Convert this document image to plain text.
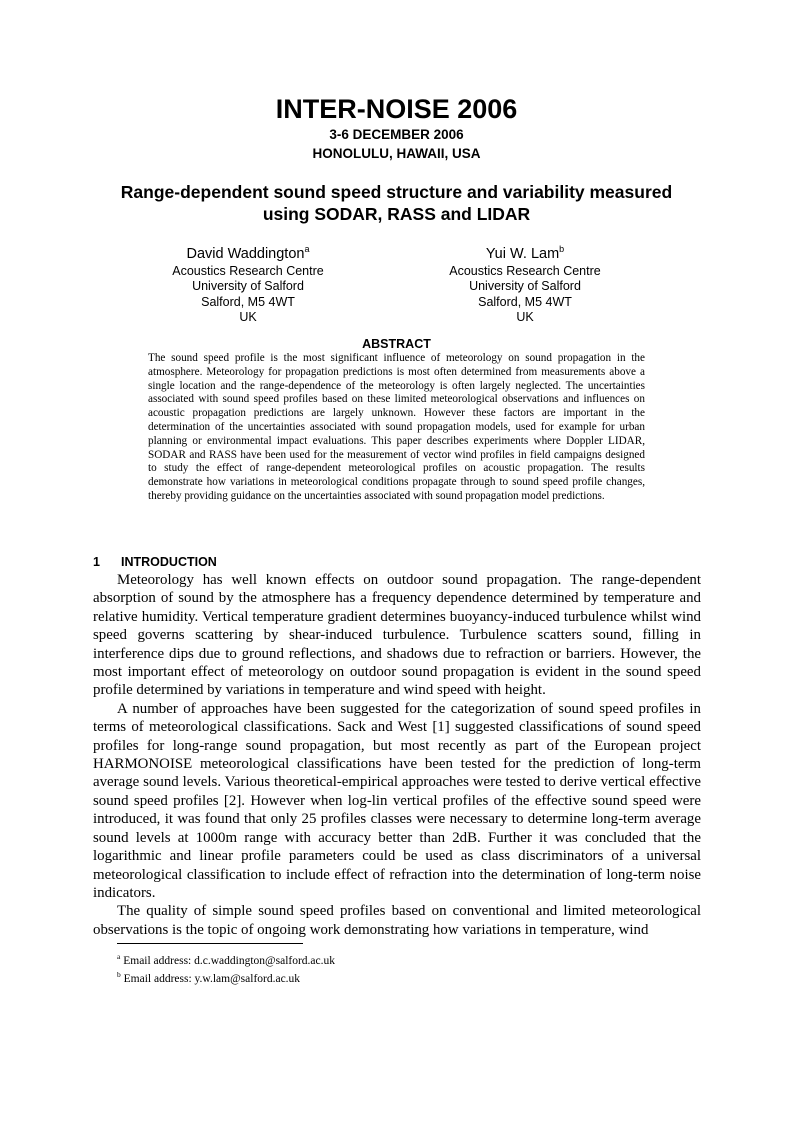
INTER-NOISE 2006
3-6 DECEMBER 2006
HONOLULU, HAWAII, USA
Range-dependent sound speed structure and variability measured
using SODAR, RASS and LIDAR
David Waddington$^a$
Acoustics Research Centre
University of Salford
Salford, M5 4WT
UK
Yui W. Lam$^b$
Acoustics Research Centre
University of Salford
Salford, M5 4WT
UK
ABSTRACT
The sound speed profile is the most significant influence of meteorology on sound propagation in the atmosphere. Meteorology for propagation predictions is most often determined from measurements above a single location and the range-dependence of the meteorology is often largely neglected. The uncertainties associated with sound speed profiles based on these limited meteorological observations and influences on acoustic propagation predictions are largely unknown. However these factors are important in the determination of the uncertainties associated with sound propagation models, used for example for urban planning or environmental impact evaluations. This paper describes experiments where Doppler LIDAR, SODAR and RASS have been used for the measurement of vector wind profiles in field campaigns designed to study the effect of range-dependent meteorological profiles on acoustic propagation. The results demonstrate how variations in meteorological conditions propagate through to sound speed profile changes, thereby providing guidance on the uncertainties associated with sound propagation model predictions.
1 INTRODUCTION

Meteorology has well known effects on outdoor sound propagation. The range-dependent absorption of sound by the atmosphere has a frequency dependence determined by temperature and relative humidity. Vertical temperature gradient determines buoyancy-induced turbulence whilst wind speed governs scattering by shear-induced turbulence. Turbulence scatters sound, filling in interference dips due to ground reflections, and shadows due to refraction or barriers. However, the most important effect of meteorology on outdoor sound propagation is evident in the sound speed profile determined by variations in temperature and wind speed with height.

A number of approaches have been suggested for the categorization of sound speed profiles in terms of meteorological classifications. Sack and West [1] suggested classifications of sound speed profiles for long-range sound propagation, but most recently as part of the European project HARMONOISE meteorological classifications have been tested for the prediction of long-term average sound levels. Various theoretical-empirical approaches were tested to derive vertical effective sound speed profiles [2]. However when log-lin vertical profiles of the effective sound speed were introduced, it was found that only 25 profiles classes were necessary to determine long-term average sound levels at 1000m range with accuracy better than 2dB. Further it was concluded that the logarithmic and linear profile parameters could be used as class discriminators of a universal meteorological classification to include effect of refraction into the determination of long-term noise indicators.

The quality of simple sound speed profiles based on conventional and limited meteorological observations is the topic of ongoing work demonstrating how variations in temperature, wind

$^a$ Email address: d.c.waddington@salford.ac.uk
$^b$ Email address: y.w.lam@salford.ac.uk
